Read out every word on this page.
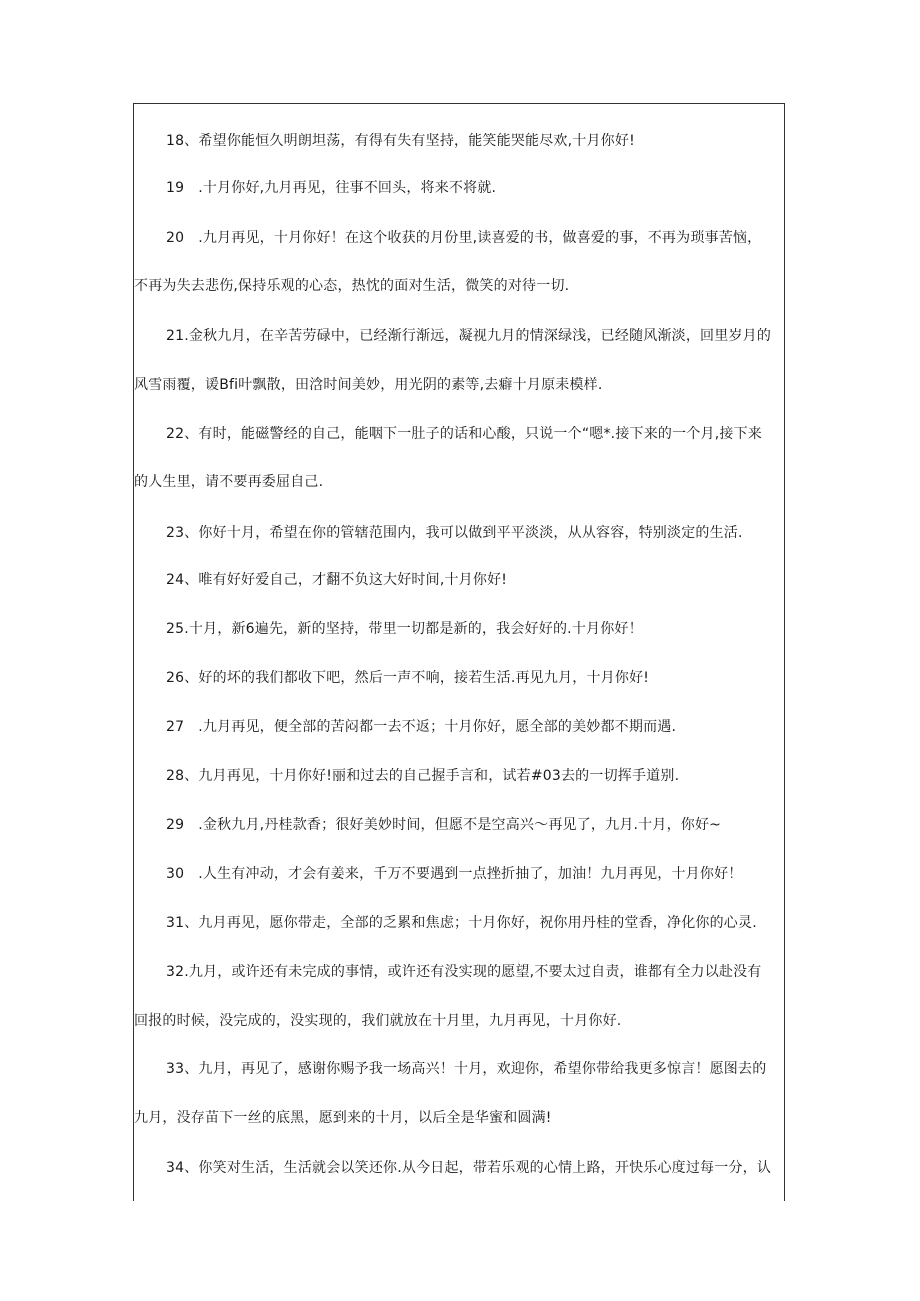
18、希望你能恒久明朗坦荡，有得有失有坚持，能笑能哭能尽欢,十月你好!
19 .十月你好,九月再见，往事不回头，将来不将就.
20 .九月再见，十月你好！在这个收获的月份里,读喜爱的书，做喜爱的事，不再为琐事苦恼，
不再为失去悲伤,保持乐观的心态，热忱的面对生活，微笑的对待一切.
21.金秋九月，在辛苦劳碌中，已经渐行渐远，凝视九月的情深绿浅，已经随风渐淡，回里岁月的
风雪雨覆，谖Bfi叶飘散，田浛时间美妙，用光阴的素等,去癖十月原耒模样.
22、有时，能磁警经的自己，能咽下一肚子的话和心酸，只说一个“嗯*.接下来的一个月,接下来
的人生里，请不要再委屈自己.
23、你好十月，希望在你的管辖范围内，我可以做到平平淡淡，从从容容，特别淡定的生活.
24、唯有好好爱自己，才翻不负这大好时间,十月你好!
25.十月，新6遍先，新的坚持，带里一切都是新的，我会好好的.十月你好！
26、好的坏的我们都收下吧，然后一声不响，接若生活.再见九月，十月你好!
27 .九月再见，便全部的苦闷都一去不返；十月你好，愿全部的美妙都不期而遇.
28、九月再见，十月你好!丽和过去的自己握手言和，试若#03去的一切挥手道别.
29 .金秋九月,丹桂款香；很好美妙时间，但愿不是空高兴〜再见了，九月.十月，你好~
30 .人生有冲动，才会有姜来，千万不要遇到一点挫折抽了，加油！九月再见，十月你好！
31、九月再见，愿你带走，全部的乏累和焦虑；十月你好，祝你用丹桂的堂香，净化你的心灵.
32.九月，或许还有未完成的事情，或许还有没实现的愿望,不要太过自责，谁都有全力以赴没有
回报的时候，没完成的，没实现的，我们就放在十月里，九月再见，十月你好.
33、九月，再见了，感谢你赐予我一场高兴！十月，欢迎你，希望你带给我更多惊言！愿图去的
九月，没存苗下一丝的底黑，愿到来的十月，以后全是华蜜和圆满!
34、你笑对生活，生活就会以笑还你.从今日起，带若乐观的心情上路，开快乐心度过每一分，认
